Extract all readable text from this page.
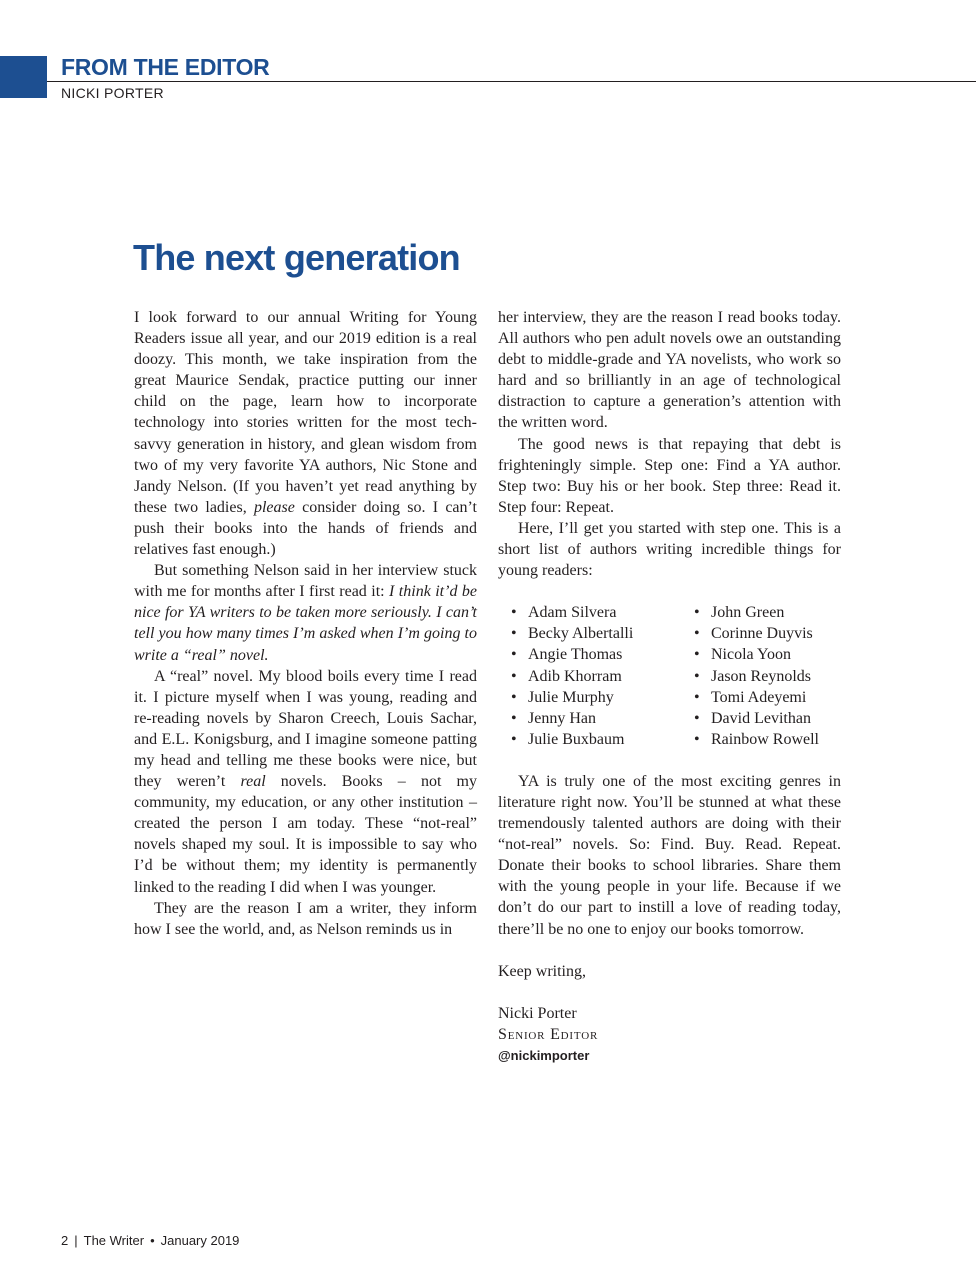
FROM THE EDITOR
NICKI PORTER
The next generation

I look forward to our annual Writing for Young Readers issue all year, and our 2019 edition is a real doozy. This month, we take inspiration from the great Maurice Sendak, practice putting our inner child on the page, learn how to incorporate technology into stories written for the most tech-savvy generation in history, and glean wisdom from two of my very favorite YA authors, Nic Stone and Jandy Nelson. (If you haven’t yet read anything by these two ladies, please consider doing so. I can’t push their books into the hands of friends and relatives fast enough.)

But something Nelson said in her interview stuck with me for months after I first read it: I think it’d be nice for YA writers to be taken more seriously. I can’t tell you how many times I’m asked when I’m going to write a “real” novel.

A “real” novel. My blood boils every time I read it. I picture myself when I was young, reading and re-reading novels by Sharon Creech, Louis Sachar, and E.L. Konigsburg, and I imagine someone patting my head and telling me these books were nice, but they weren’t real novels. Books – not my community, my education, or any other institution – created the person I am today. These “not-real” novels shaped my soul. It is impossible to say who I’d be without them; my identity is permanently linked to the reading I did when I was younger.

They are the reason I am a writer, they inform how I see the world, and, as Nelson reminds us in

her interview, they are the reason I read books today. All authors who pen adult novels owe an outstanding debt to middle-grade and YA novelists, who work so hard and so brilliantly in an age of technological distraction to capture a generation’s attention with the written word.

The good news is that repaying that debt is frighteningly simple. Step one: Find a YA author. Step two: Buy his or her book. Step three: Read it. Step four: Repeat.

Here, I’ll get you started with step one. This is a short list of authors writing incredible things for young readers:

• Adam Silvera
• Becky Albertalli
• Angie Thomas
• Adib Khorram
• Julie Murphy
• Jenny Han
• Julie Buxbaum
• John Green
• Corinne Duyvis
• Nicola Yoon
• Jason Reynolds
• Tomi Adeyemi
• David Levithan
• Rainbow Rowell

YA is truly one of the most exciting genres in literature right now. You’ll be stunned at what these tremendously talented authors are doing with their “not-real” novels. So: Find. Buy. Read. Repeat. Donate their books to school libraries. Share them with the young people in your life. Because if we don’t do our part to instill a love of reading today, there’ll be no one to enjoy our books tomorrow.

Keep writing,

Nicki Porter

Senior Editor

@nickimporter

2 | The Writer • January 2019
